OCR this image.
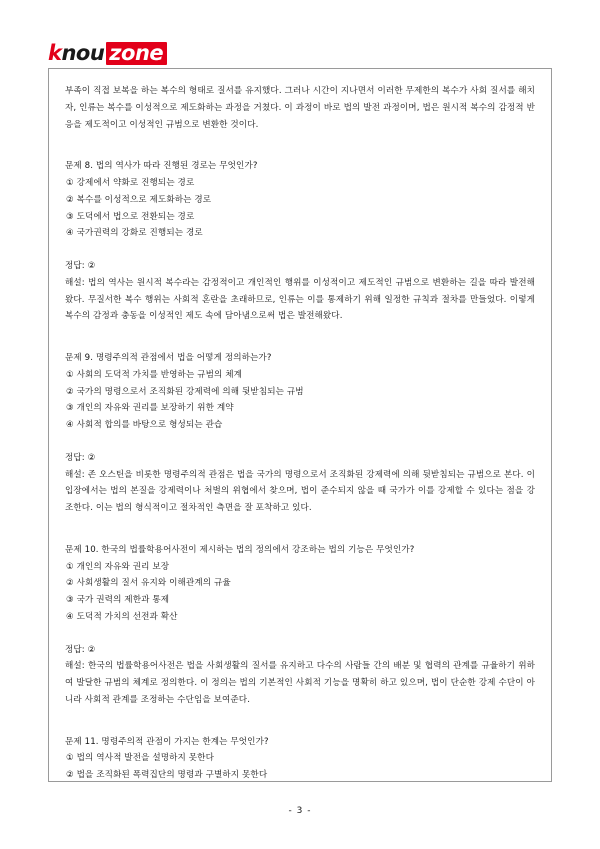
k nou zone
부족이 직접 보복을 하는 복수의 형태로 질서를 유지했다. 그러나 시간이 지나면서 이러한 무제한의 복수가 사회 질서를 해치자, 인류는 복수를 이성적으로 제도화하는 과정을 거쳤다. 이 과정이 바로 법의 발전 과정이며, 법은 원시적 복수의 감정적 반응을 제도적이고 이성적인 규범으로 변환한 것이다.
문제 8. 법의 역사가 따라 진행된 경로는 무엇인가?
① 강제에서 약화로 진행되는 경로
② 복수를 이성적으로 제도화하는 경로
③ 도덕에서 법으로 전환되는 경로
④ 국가권력의 강화로 진행되는 경로
정답: ②
해설: 법의 역사는 원시적 복수라는 감정적이고 개인적인 행위를 이성적이고 제도적인 규범으로 변환하는 길을 따라 발전해왔다. 무질서한 복수 행위는 사회적 혼란을 초래하므로, 인류는 이를 통제하기 위해 일정한 규칙과 절차를 만들었다. 이렇게 복수의 감정과 충동을 이성적인 제도 속에 담아냄으로써 법은 발전해왔다.
문제 9. 명령주의적 관점에서 법을 어떻게 정의하는가?
① 사회의 도덕적 가치를 반영하는 규범의 체계
② 국가의 명령으로서 조직화된 강제력에 의해 뒷받침되는 규범
③ 개인의 자유와 권리를 보장하기 위한 계약
④ 사회적 합의를 바탕으로 형성되는 관습
정답: ②
해설: 존 오스틴을 비롯한 명령주의적 관점은 법을 국가의 명령으로서 조직화된 강제력에 의해 뒷받침되는 규범으로 본다. 이 입장에서는 법의 본질을 강제력이나 처벌의 위협에서 찾으며, 법이 준수되지 않을 때 국가가 이를 강제할 수 있다는 점을 강조한다. 이는 법의 형식적이고 절차적인 측면을 잘 포착하고 있다.
문제 10. 한국의 법률학용어사전이 제시하는 법의 정의에서 강조하는 법의 기능은 무엇인가?
① 개인의 자유와 권리 보장
② 사회생활의 질서 유지와 이해관계의 규율
③ 국가 권력의 제한과 통제
④ 도덕적 가치의 선전과 확산
정답: ②
해설: 한국의 법률학용어사전은 법을 사회생활의 질서를 유지하고 다수의 사람들 간의 배분 및 협력의 관계를 규율하기 위하여 발달한 규범의 체계로 정의한다. 이 정의는 법의 기본적인 사회적 기능을 명확히 하고 있으며, 법이 단순한 강제 수단이 아니라 사회적 관계를 조정하는 수단임을 보여준다.
문제 11. 명령주의적 관점이 가지는 한계는 무엇인가?
① 법의 역사적 발전을 설명하지 못한다
② 법을 조직화된 폭력집단의 명령과 구별하지 못한다
- 3 -
